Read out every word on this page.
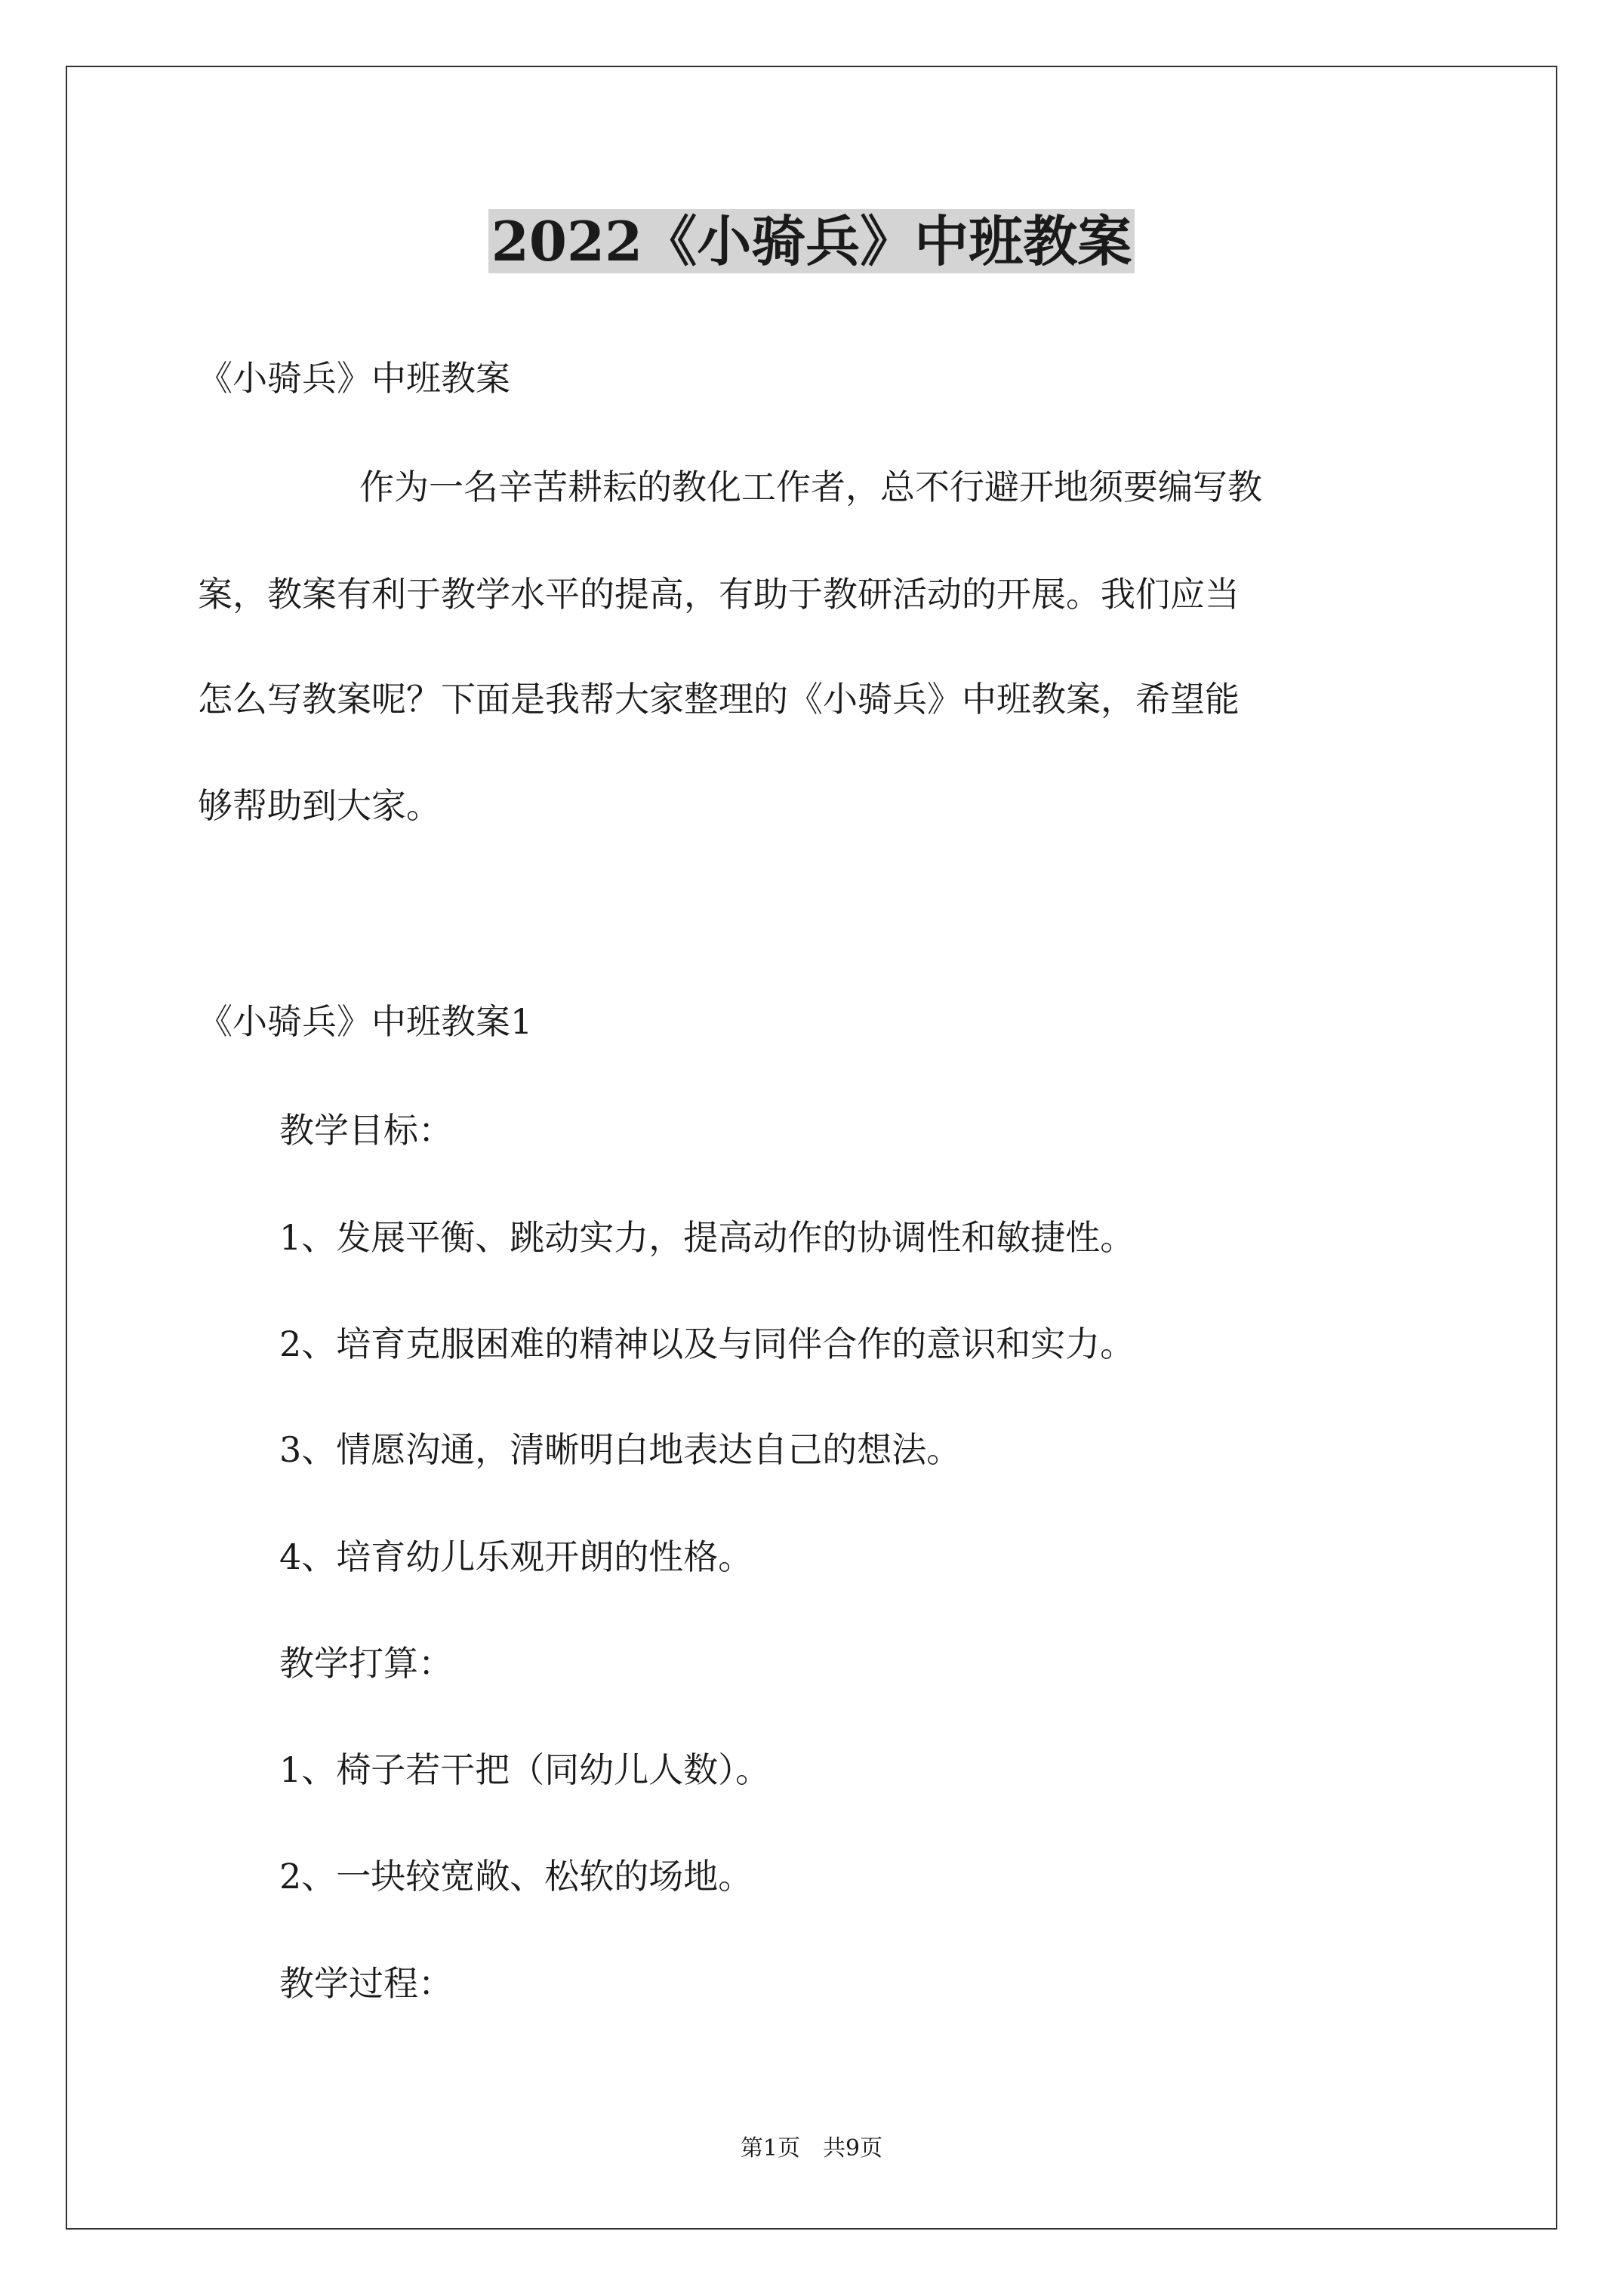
2022《小骑兵》中班教案

《小骑兵》中班教案

作为一名辛苦耕耘的教化工作者，总不行避开地须要编写教

案，教案有利于教学水平的提高，有助于教研活动的开展。我们应当

怎么写教案呢？下面是我帮大家整理的《小骑兵》中班教案，希望能

够帮助到大家。

《小骑兵》中班教案1

教学目标：

1、发展平衡、跳动实力，提高动作的协调性和敏捷性。

2、培育克服困难的精神以及与同伴合作的意识和实力。

3、情愿沟通，清晰明白地表达自己的想法。

4、培育幼儿乐观开朗的性格。

教学打算：

1、椅子若干把（同幼儿人数）。

2、一块较宽敞、松软的场地。

教学过程：

第1页　 共9页
